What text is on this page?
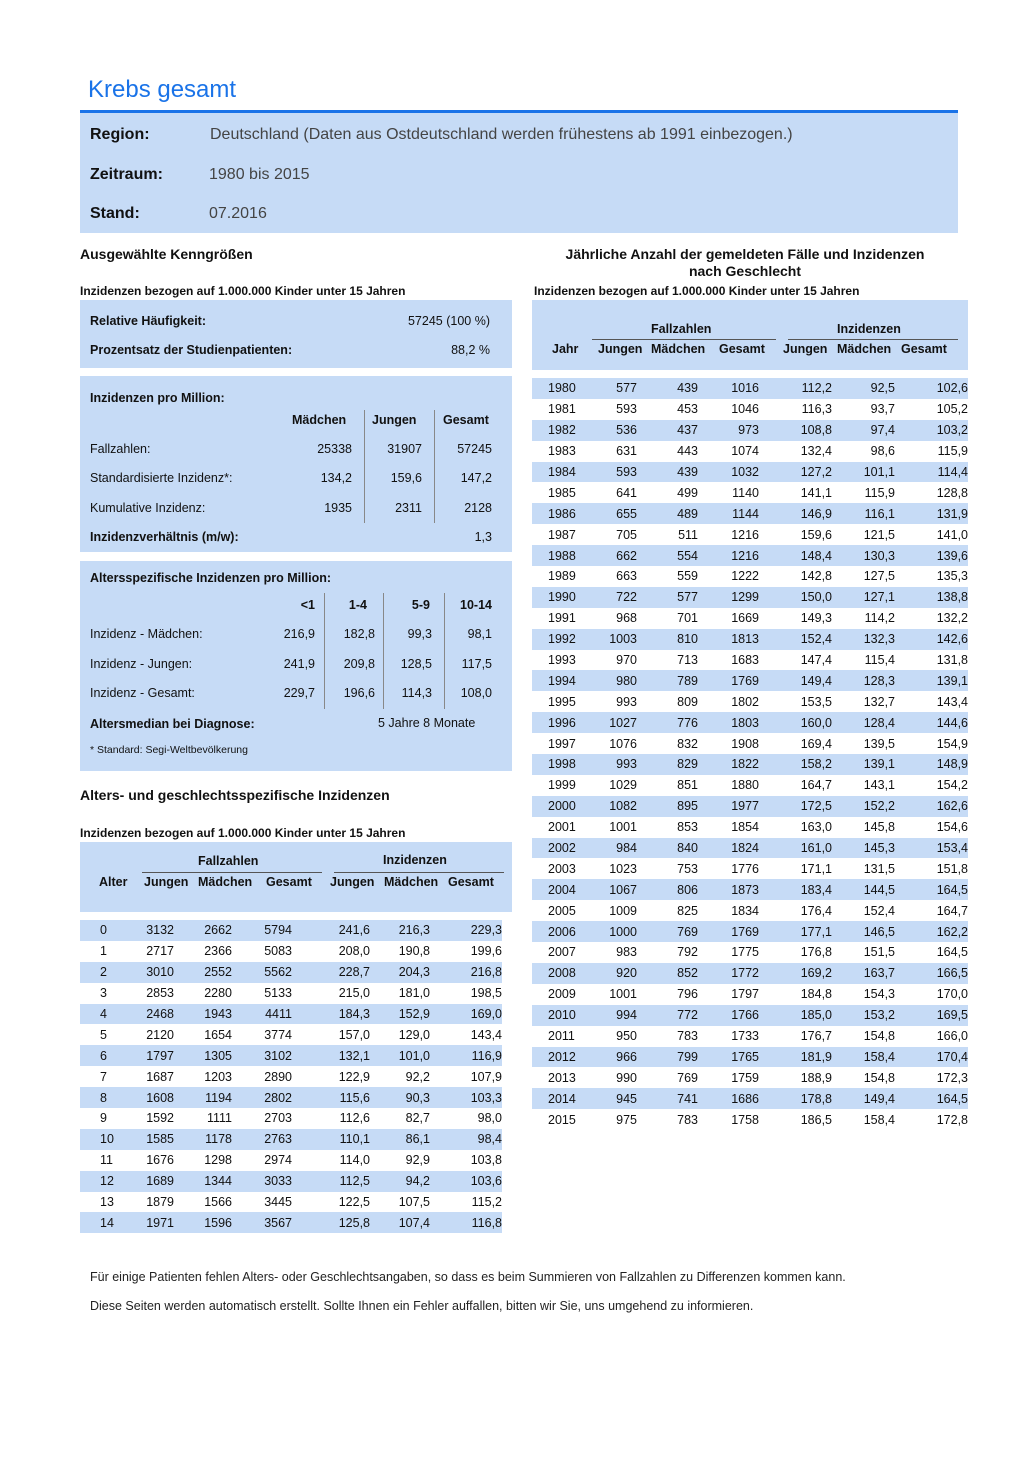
Krebs gesamt
Region:	Deutschland (Daten aus Ostdeutschland werden frühestens ab 1991 einbezogen.)
Zeitraum:	1980 bis 2015
Stand:	07.2016
Ausgewählte Kenngrößen
Inzidenzen bezogen auf 1.000.000 Kinder unter 15 Jahren
Relative Häufigkeit:	57245 (100 %)
Prozentsatz der Studienpatienten:	88,2 %
Inzidenzen pro Million:
Mädchen Jungen Gesamt
Fallzahlen:	25338	31907	57245
Standardisierte Inzidenz*:	134,2	159,6	147,2
Kumulative Inzidenz:	1935	2311	2128
Inzidenzverhältnis (m/w):	1,3
Altersspezifische Inzidenzen pro Million:
<1	1-4	5-9 10-14
Inzidenz - Mädchen:	216,9 182,8	99,3	98,1
Inzidenz - Jungen:	241,9 209,8 128,5 117,5
Inzidenz - Gesamt:	229,7 196,6 114,3 108,0
Altersmedian bei Diagnose:	5 Jahre 8 Monate
* Standard: Segi-Weltbevölkerung
Alters- und geschlechtsspezifische Inzidenzen
Inzidenzen bezogen auf 1.000.000 Kinder unter 15 Jahren
Fallzahlen	Inzidenzen
Alter Jungen Mädchen Gesamt Jungen Mädchen Gesamt
0	3132	2662	5794	241,6	216,3	229,3
1	2717	2366	5083	208,0	190,8	199,6
2	3010	2552	5562	228,7	204,3	216,8
3	2853	2280	5133	215,0	181,0	198,5
4	2468	1943	4411	184,3	152,9	169,0
5	2120	1654	3774	157,0	129,0	143,4
6	1797	1305	3102	132,1	101,0	116,9
7	1687	1203	2890	122,9	92,2	107,9
8	1608	1194	2802	115,6	90,3	103,3
9	1592	1111	2703	112,6	82,7	98,0
10	1585	1178	2763	110,1	86,1	98,4
11	1676	1298	2974	114,0	92,9	103,8
12	1689	1344	3033	112,5	94,2	103,6
13	1879	1566	3445	122,5	107,5	115,2
14	1971	1596	3567	125,8	107,4	116,8
Jährliche Anzahl der gemeldeten Fälle und Inzidenzen
nach Geschlecht
Inzidenzen bezogen auf 1.000.000 Kinder unter 15 Jahren
Fallzahlen	Inzidenzen
Jahr Jungen Mädchen Gesamt Jungen Mädchen Gesamt
1980	577	439	1016	112,2	92,5	102,6
1981	593	453	1046	116,3	93,7	105,2
1982	536	437	973	108,8	97,4	103,2
1983	631	443	1074	132,4	98,6	115,9
1984	593	439	1032	127,2	101,1	114,4
1985	641	499	1140	141,1	115,9	128,8
1986	655	489	1144	146,9	116,1	131,9
1987	705	511	1216	159,6	121,5	141,0
1988	662	554	1216	148,4	130,3	139,6
1989	663	559	1222	142,8	127,5	135,3
1990	722	577	1299	150,0	127,1	138,8
1991	968	701	1669	149,3	114,2	132,2
1992	1003	810	1813	152,4	132,3	142,6
1993	970	713	1683	147,4	115,4	131,8
1994	980	789	1769	149,4	128,3	139,1
1995	993	809	1802	153,5	132,7	143,4
1996	1027	776	1803	160,0	128,4	144,6
1997	1076	832	1908	169,4	139,5	154,9
1998	993	829	1822	158,2	139,1	148,9
1999	1029	851	1880	164,7	143,1	154,2
2000	1082	895	1977	172,5	152,2	162,6
2001	1001	853	1854	163,0	145,8	154,6
2002	984	840	1824	161,0	145,3	153,4
2003	1023	753	1776	171,1	131,5	151,8
2004	1067	806	1873	183,4	144,5	164,5
2005	1009	825	1834	176,4	152,4	164,7
2006	1000	769	1769	177,1	146,5	162,2
2007	983	792	1775	176,8	151,5	164,5
2008	920	852	1772	169,2	163,7	166,5
2009	1001	796	1797	184,8	154,3	170,0
2010	994	772	1766	185,0	153,2	169,5
2011	950	783	1733	176,7	154,8	166,0
2012	966	799	1765	181,9	158,4	170,4
2013	990	769	1759	188,9	154,8	172,3
2014	945	741	1686	178,8	149,4	164,5
2015	975	783	1758	186,5	158,4	172,8
Für einige Patienten fehlen Alters- oder Geschlechtsangaben, so dass es beim Summieren von Fallzahlen zu Differenzen kommen kann.
Diese Seiten werden automatisch erstellt. Sollte Ihnen ein Fehler auffallen, bitten wir Sie, uns umgehend zu informieren.
